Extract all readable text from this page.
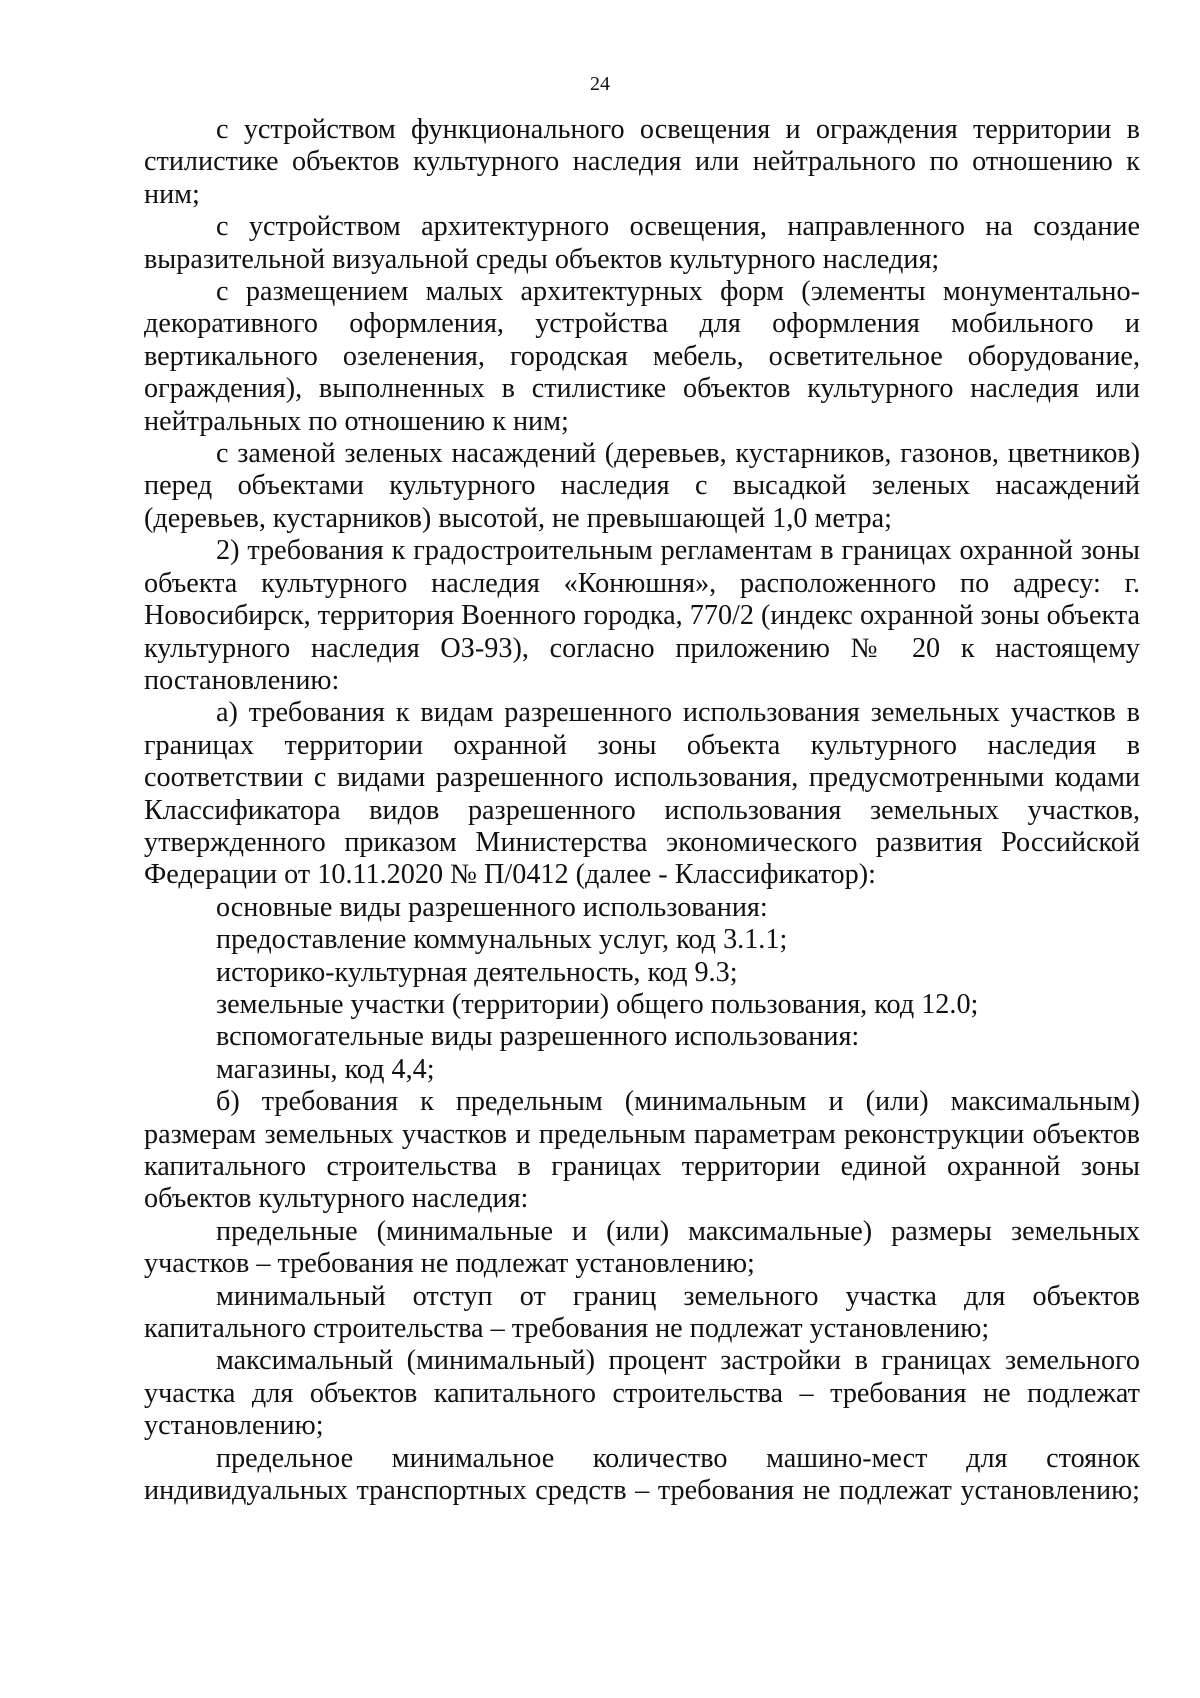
24

с устройством функционального освещения и ограждения территории в стилистике объектов культурного наследия или нейтрального по отношению к ним;

с устройством архитектурного освещения, направленного на создание выразительной визуальной среды объектов культурного наследия;

с размещением малых архитектурных форм (элементы монументально-декоративного оформления, устройства для оформления мобильного и вертикального озеленения, городская мебель, осветительное оборудование, ограждения), выполненных в стилистике объектов культурного наследия или нейтральных по отношению к ним;

с заменой зеленых насаждений (деревьев, кустарников, газонов, цветников) перед объектами культурного наследия с высадкой зеленых насаждений (деревьев, кустарников) высотой, не превышающей 1,0 метра;

2) требования к градостроительным регламентам в границах охранной зоны объекта культурного наследия «Конюшня», расположенного по адресу: г. Новосибирск, территория Военного городка, 770/2 (индекс охранной зоны объекта культурного наследия ОЗ-93), согласно приложению № 20 к настоящему постановлению:

а) требования к видам разрешенного использования земельных участков в границах территории охранной зоны объекта культурного наследия в соответствии с видами разрешенного использования, предусмотренными кодами Классификатора видов разрешенного использования земельных участков, утвержденного приказом Министерства экономического развития Российской Федерации от 10.11.2020 № П/0412 (далее - Классификатор):

основные виды разрешенного использования:

предоставление коммунальных услуг, код 3.1.1;

историко-культурная деятельность, код 9.3;

земельные участки (территории) общего пользования, код 12.0;

вспомогательные виды разрешенного использования:

магазины, код 4,4;

б) требования к предельным (минимальным и (или) максимальным) размерам земельных участков и предельным параметрам реконструкции объектов капитального строительства в границах территории единой охранной зоны объектов культурного наследия:

предельные (минимальные и (или) максимальные) размеры земельных участков – требования не подлежат установлению;

минимальный отступ от границ земельного участка для объектов капитального строительства – требования не подлежат установлению;

максимальный (минимальный) процент застройки в границах земельного участка для объектов капитального строительства – требования не подлежат установлению;

предельное минимальное количество машино-мест для стоянок индивидуальных транспортных средств – требования не подлежат установлению;
